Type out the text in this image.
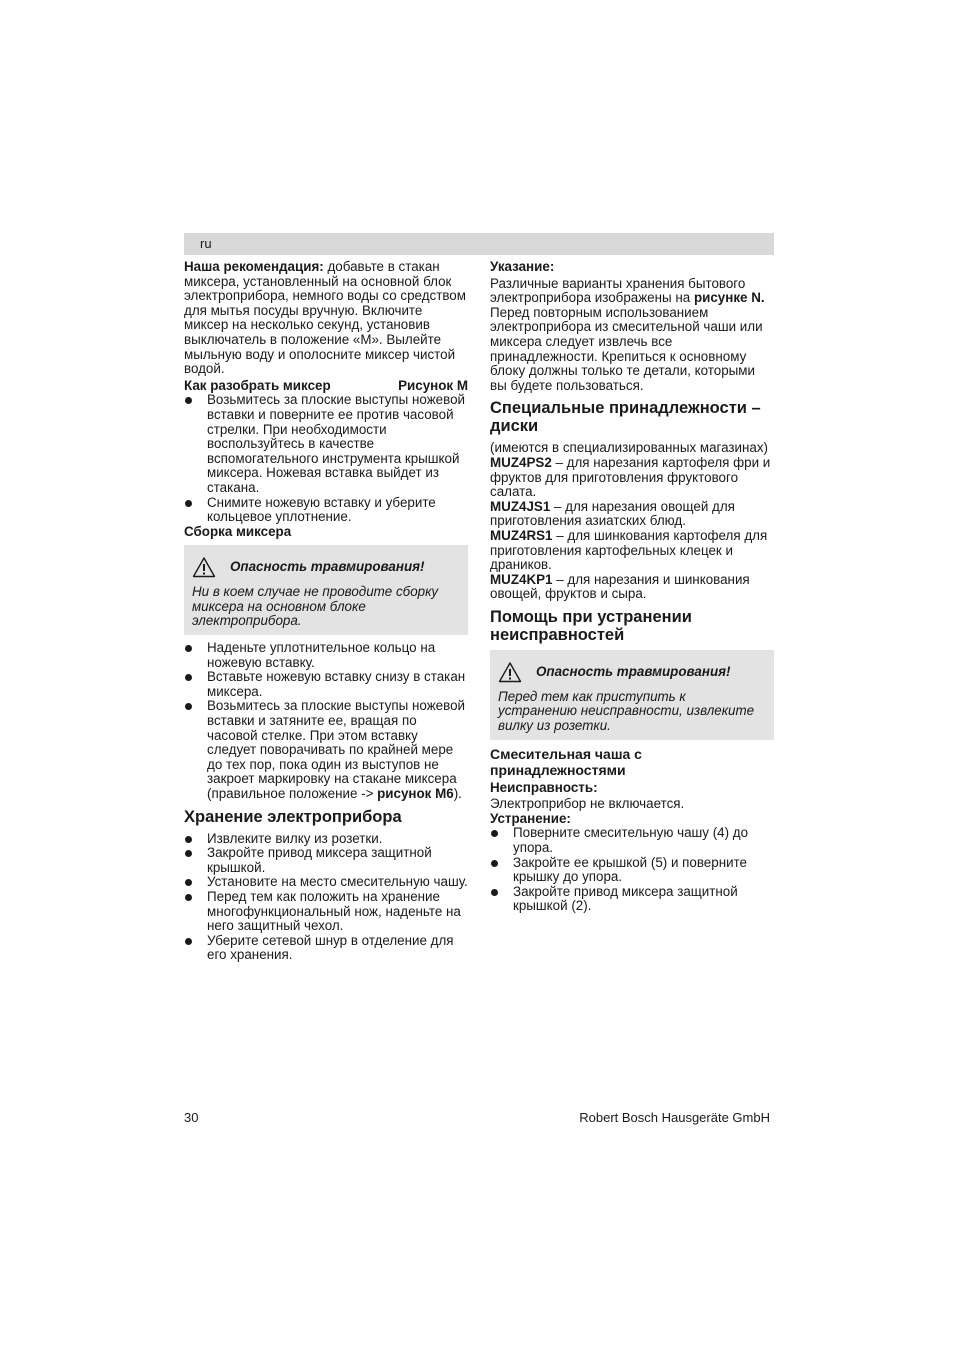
ru

Наша рекомендация: добавьте в стакан миксера, установленный на основной блок электроприбора, немного воды со средством для мытья посуды вручную. Включите миксер на несколько секунд, установив выключатель в положение «M». Вылейте мыльную воду и ополосните миксер чистой водой.

Как разобрать миксер	Рисунок M
Возьмитесь за плоские выступы ножевой вставки и поверните ее против часовой стрелки. При необходимости воспользуйтесь в качестве вспомогательного инструмента крышкой миксера. Ножевая вставка выйдет из стакана.
Снимите ножевую вставку и уберите кольцевое уплотнение.

Сборка миксера

Опасность травмирования!

Ни в коем случае не проводите сборку миксера на основном блоке электроприбора.

Наденьте уплотнительное кольцо на ножевую вставку.
Вставьте ножевую вставку снизу в стакан миксера.
Возьмитесь за плоские выступы ножевой вставки и затяните ее, вращая по часовой стелке. При этом вставку следует поворачивать по крайней мере до тех пор, пока один из выступов не закроет маркировку на стакане миксера (правильное положение -> рисунок M6).
Хранение электроприбора
Извлеките вилку из розетки.
Закройте привод миксера защитной крышкой.
Установите на место смесительную чашу.
Перед тем как положить на хранение многофункциональный нож, наденьте на него защитный чехол.
Уберите сетевой шнур в отделение для его хранения.

Указание:

Различные варианты хранения бытового электроприбора изображены на рисунке N. Перед повторным использованием электроприбора из смесительной чаши или миксера следует извлечь все принадлежности. Крепиться к основному блоку должны только те детали, которыми вы будете пользоваться.

Специальные принадлежности – диски

(имеются в специализированных магазинах)

MUZ4PS2 – для нарезания картофеля фри и фруктов для приготовления фруктового салата.

MUZ4JS1 – для нарезания овощей для приготовления азиатских блюд.

MUZ4RS1 – для шинкования картофеля для приготовления картофельных клецек и драников.

MUZ4KP1 – для нарезания и шинкования овощей, фруктов и сыра.

Помощь при устранении неисправностей
Опасность травмирования!

Перед тем как приступить к устранению неисправности, извлеките вилку из розетки.

Смесительная чаша с принадлежностями

Неисправность:

Электроприбор не включается.

Устранение:

Поверните смесительную чашу (4) до упора.
Закройте ее крышкой (5) и поверните крышку до упора.
Закройте привод миксера защитной крышкой (2).
30	Robert Bosch Hausgeräte GmbH
